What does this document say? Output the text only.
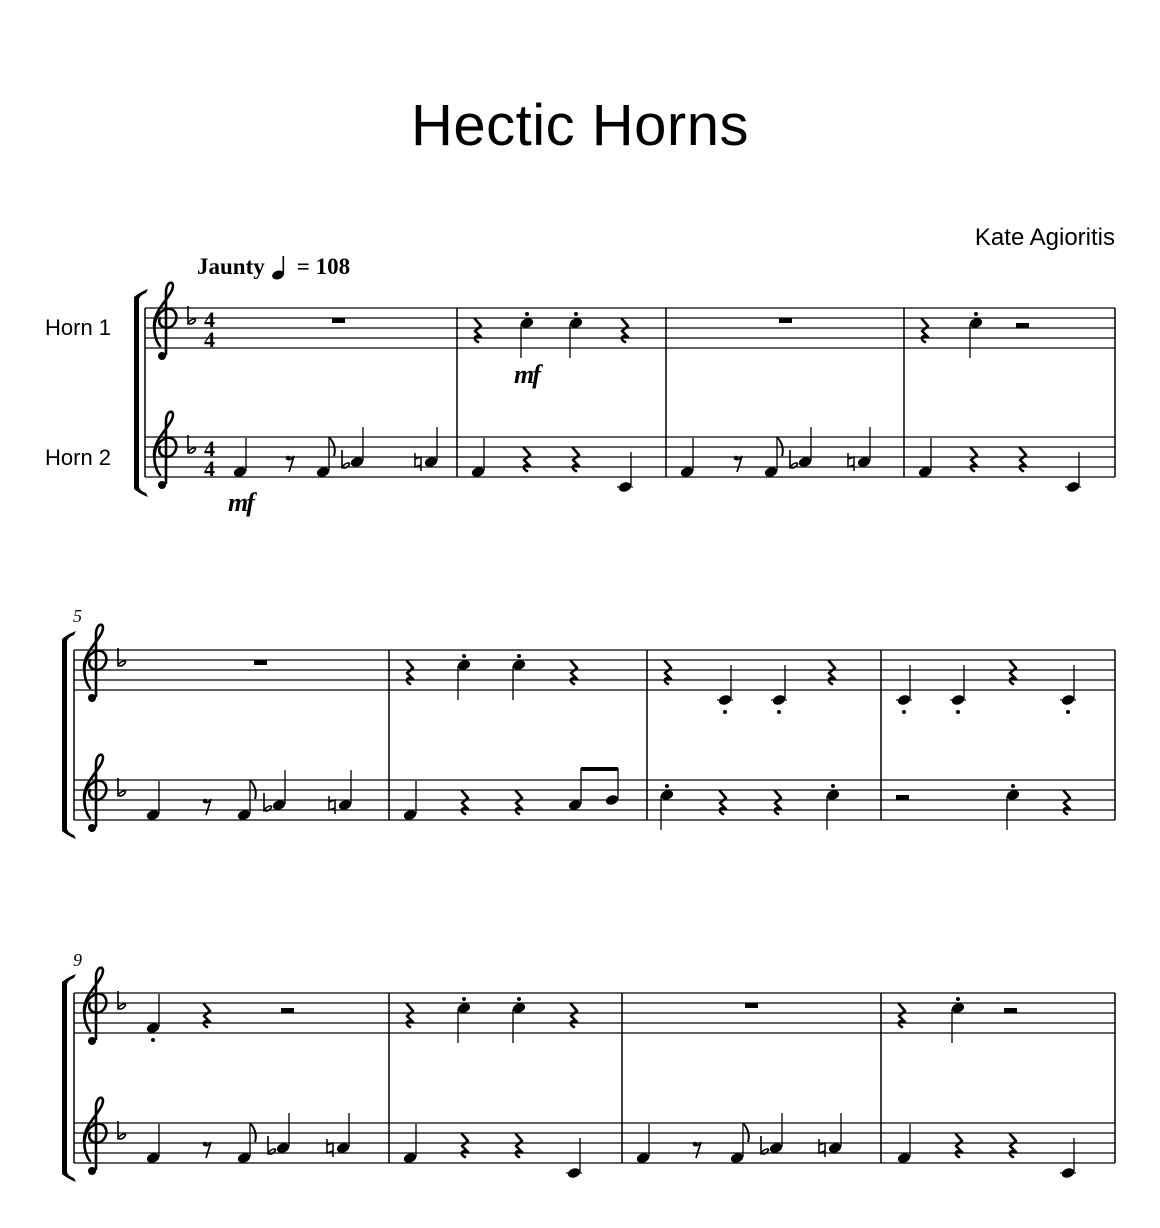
Hectic Horns
Kate Agioritis
Jaunty = 108
Horn 1
Horn 2
5
9
mf
mf
4
4
4
4
